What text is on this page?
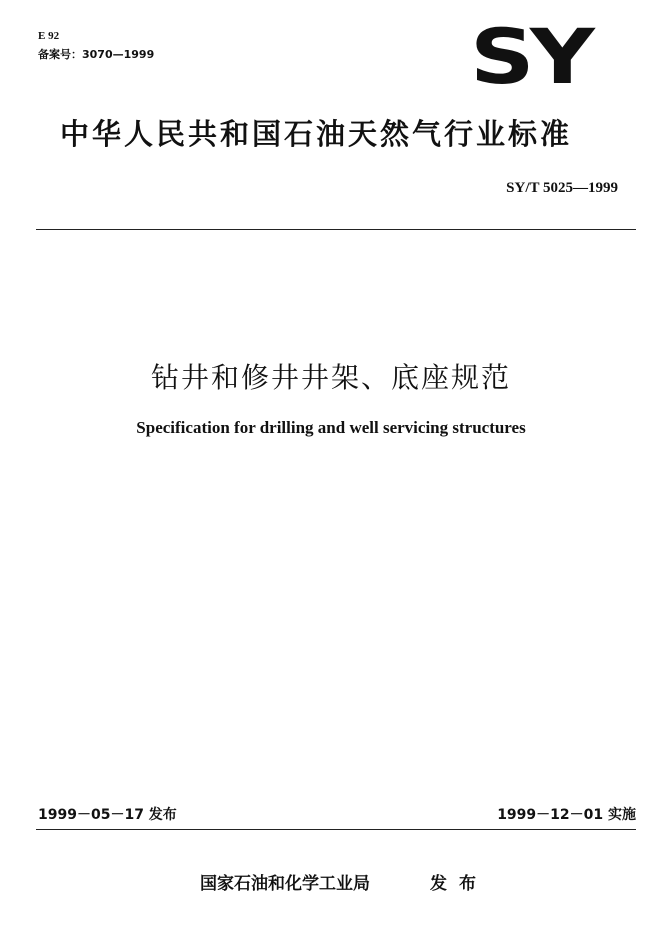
E 92
备案号：3070—1999	SY
中华人民共和国石油天然气行业标准
SY/T 5025—1999
钻井和修井井架、底座规范
Specification for drilling and well servicing structures
1999－05－17 发布	1999－12－01 实施
国家石油和化学工业局	发布
